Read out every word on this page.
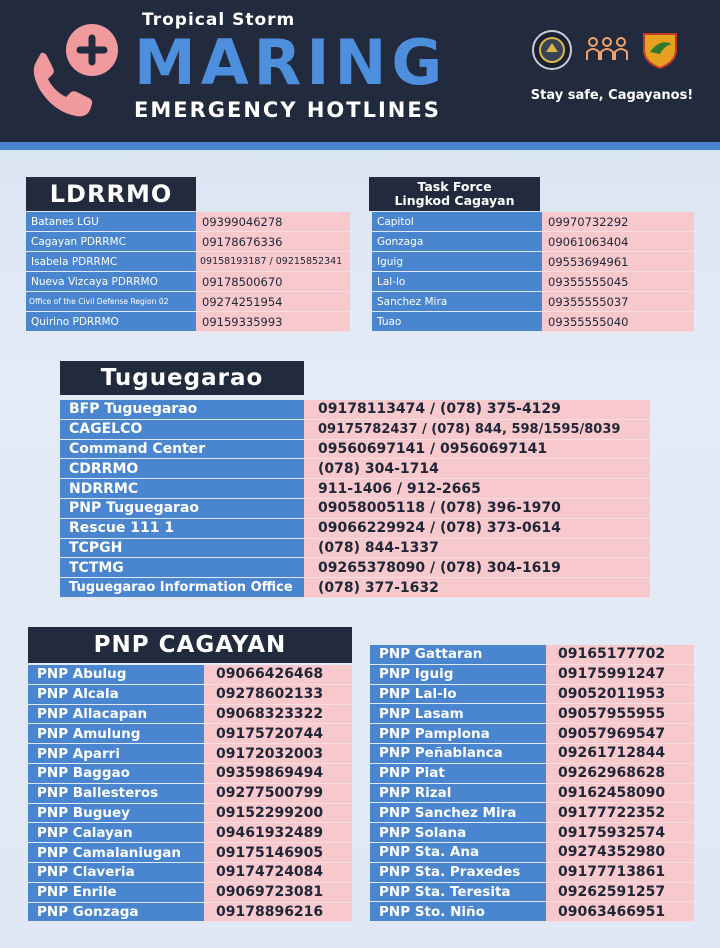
Tropical Storm
MARING
EMERGENCY HOTLINES
Stay safe, Cagayanos!
LDRRMO
Batanes LGU	09399046278
Cagayan PDRRMC	09178676336
Isabela PDRRMC	09158193187 / 09215852341
Nueva Vizcaya PDRRMO	09178500670
Office of the Civil Defense Region 02	09274251954
Quirino PDRRMO	09159335993
Task Force
Lingkod Cagayan
Capitol	09970732292
Gonzaga	09061063404
Iguig	09553694961
Lal-lo	09355555045
Sanchez Mira	09355555037
Tuao	09355555040
Tuguegarao
BFP Tuguegarao	09178113474 / (078) 375-4129
CAGELCO	09175782437 / (078) 844, 598/1595/8039
Command Center	09560697141 / 09560697141
CDRRMO	(078) 304-1714
NDRRMC	911-1406 / 912-2665
PNP Tuguegarao	09058005118 / (078) 396-1970
Rescue 111 1	09066229924 / (078) 373-0614
TCPGH	(078) 844-1337
TCTMG	09265378090 / (078) 304-1619
Tuguegarao Information Office	(078) 377-1632
PNP CAGAYAN
PNP Abulug	09066426468
PNP Alcala	09278602133
PNP Allacapan	09068323322
PNP Amulung	09175720744
PNP Aparri	09172032003
PNP Baggao	09359869494
PNP Ballesteros	09277500799
PNP Buguey	09152299200
PNP Calayan	09461932489
PNP Camalaniugan	09175146905
PNP Claveria	09174724084
PNP Enrile	09069723081
PNP Gonzaga	09178896216
PNP Gattaran	09165177702
PNP Iguig	09175991247
PNP Lal-lo	09052011953
PNP Lasam	09057955955
PNP Pamplona	09057969547
PNP Peñablanca	09261712844
PNP Piat	09262968628
PNP Rizal	09162458090
PNP Sanchez Mira	09177722352
PNP Solana	09175932574
PNP Sta. Ana	09274352980
PNP Sta. Praxedes	09177713861
PNP Sta. Teresita	09262591257
PNP Sto. Niño	09063466951
